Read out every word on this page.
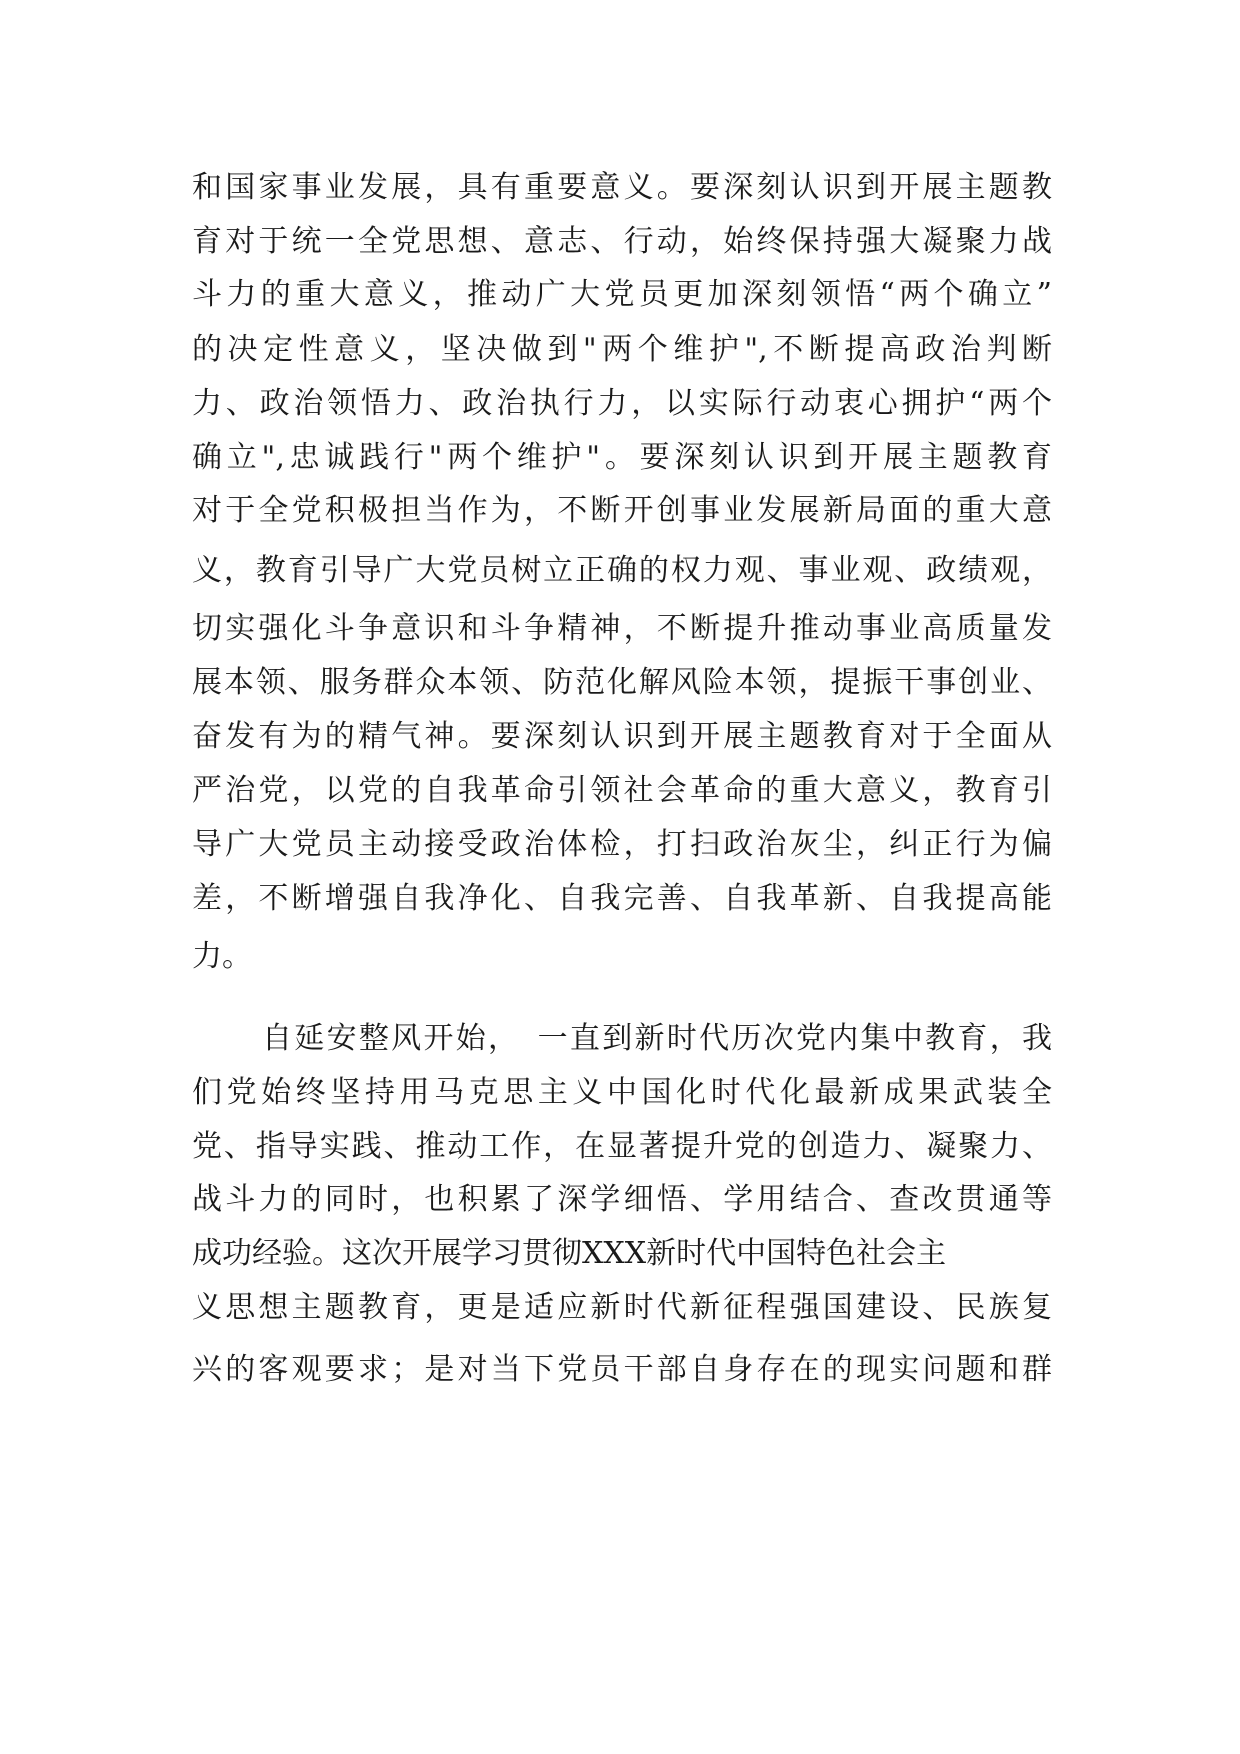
和国家事业发展，具有重要意义。要深刻认识到开展主题教
育对于统一全党思想、意志、行动，始终保持强大凝聚力战
斗力的重大意义，推动广大党员更加深刻领悟“两个确立”
的决定性意义，坚决做到"两个维护",不断提高政治判断
力、政治领悟力、政治执行力，以实际行动衷心拥护“两个
确立",忠诚践行"两个维护"。要深刻认识到开展主题教育
对于全党积极担当作为，不断开创事业发展新局面的重大意
义，教育引导广大党员树立正确的权力观、事业观、政绩观，
切实强化斗争意识和斗争精神，不断提升推动事业高质量发
展本领、服务群众本领、防范化解风险本领，提振干事创业、
奋发有为的精气神。要深刻认识到开展主题教育对于全面从
严治党，以党的自我革命引领社会革命的重大意义，教育引
导广大党员主动接受政治体检，打扫政治灰尘，纠正行为偏
差，不断增强自我净化、自我完善、自我革新、自我提高能
力。
自延安整风开始，　一直到新时代历次党内集中教育，我
们党始终坚持用马克思主义中国化时代化最新成果武装全
党、指导实践、推动工作，在显著提升党的创造力、凝聚力、
战斗力的同时，也积累了深学细悟、学用结合、查改贯通等
成功经验。这次开展学习贯彻XXX新时代中国特色社会主
义思想主题教育，更是适应新时代新征程强国建设、民族复
兴的客观要求；是对当下党员干部自身存在的现实问题和群
